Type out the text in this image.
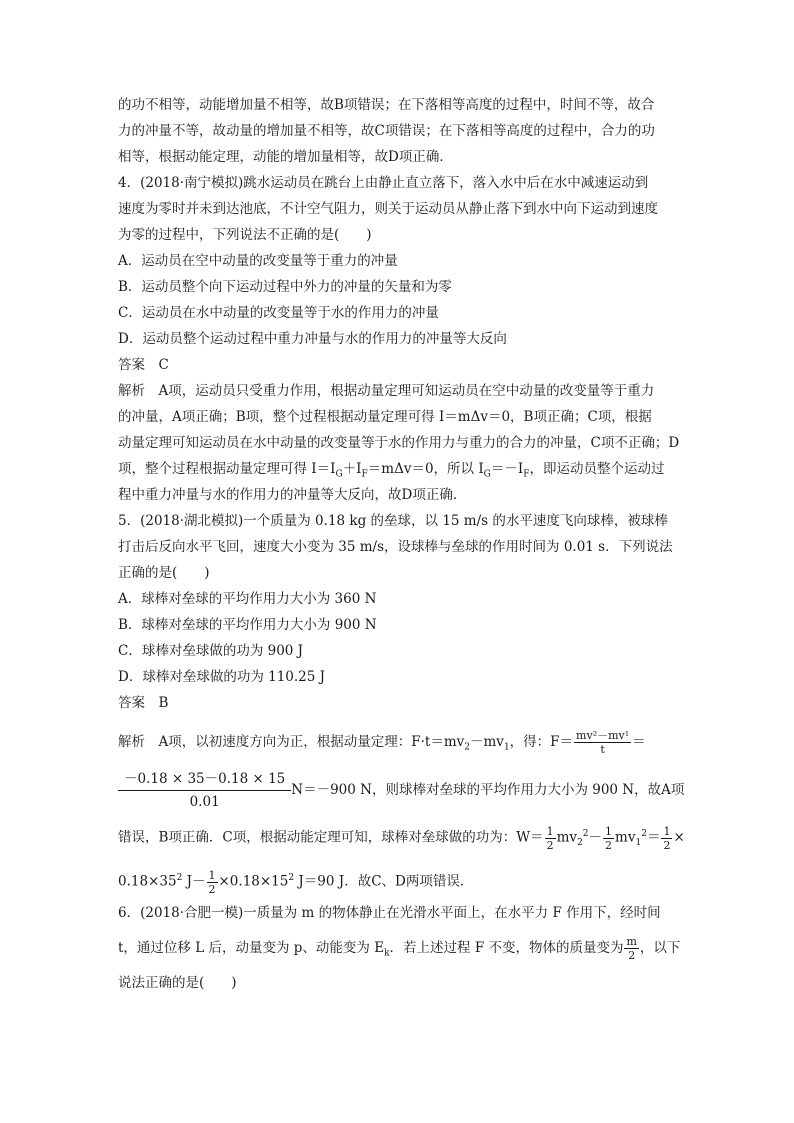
的功不相等，动能增加量不相等，故B项错误；在下落相等高度的过程中，时间不等，故合
力的冲量不等，故动量的增加量不相等，故C项错误；在下落相等高度的过程中，合力的功
相等，根据动能定理，动能的增加量相等，故D项正确．
4．(2018·南宁模拟)跳水运动员在跳台上由静止直立落下，落入水中后在水中减速运动到
速度为零时并未到达池底，不计空气阻力，则关于运动员从静止落下到水中向下运动到速度
为零的过程中，下列说法不正确的是(　　)
A．运动员在空中动量的改变量等于重力的冲量
B．运动员整个向下运动过程中外力的冲量的矢量和为零
C．运动员在水中动量的改变量等于水的作用力的冲量
D．运动员整个运动过程中重力冲量与水的作用力的冲量等大反向
答案　C
解析　A项，运动员只受重力作用，根据动量定理可知运动员在空中动量的改变量等于重力
的冲量，A项正确；B项，整个过程根据动量定理可得 I＝mΔv＝0，B项正确；C项，根据
动量定理可知运动员在水中动量的改变量等于水的作用力与重力的合力的冲量，C项不正确；D
项，整个过程根据动量定理可得 $I=I_G+I_F=m\Delta v=0$，所以 $I_G=-I_F$，即运动员整个运动过
程中重力冲量与水的作用力的冲量等大反向，故D项正确．
5．(2018·湖北模拟)一个质量为 0.18 kg 的垒球，以 15 m/s 的水平速度飞向球棒，被球棒
打击后反向水平飞回，速度大小变为 35 m/s，设球棒与垒球的作用时间为 0.01 s．下列说法
正确的是(　　)
A．球棒对垒球的平均作用力大小为 360 N
B．球棒对垒球的平均作用力大小为 900 N
C．球棒对垒球做的功为 900 J
D．球棒对垒球做的功为 110.25 J
答案　B
解析　A项，以初速度方向为正，根据动量定理：$F\cdot t=mv_2-mv_1$，得：$F= \frac{\text{mv²－mv¹}}{t}$ ＝
$\frac{-0.18 \times 35-0.18 \times 15}{0.01} N=-900$ N，则球棒对垒球的平均作用力大小为 900 N，故A项
错误，B项正确．C项，根据动能定理可知，球棒对垒球做的功为：$W= \frac{1}{2} mv_2^2- \frac{1}{2} mv_1^2= \frac{1}{2}$ ×
$0.18\times 35^2$ $J- \frac{1}{2} \times 0.18\times 15^2$ J＝90 J．故C、D两项错误．
6．(2018·合肥一模)一质量为 m 的物体静止在光滑水平面上，在水平力 F 作用下，经时间
t，通过位移 L 后，动量变为 p、动能变为 $E_k$．若上述过程 F 不变，物体的质量变为 $\frac{m}{2}$ ，以下
说法正确的是(　　)
